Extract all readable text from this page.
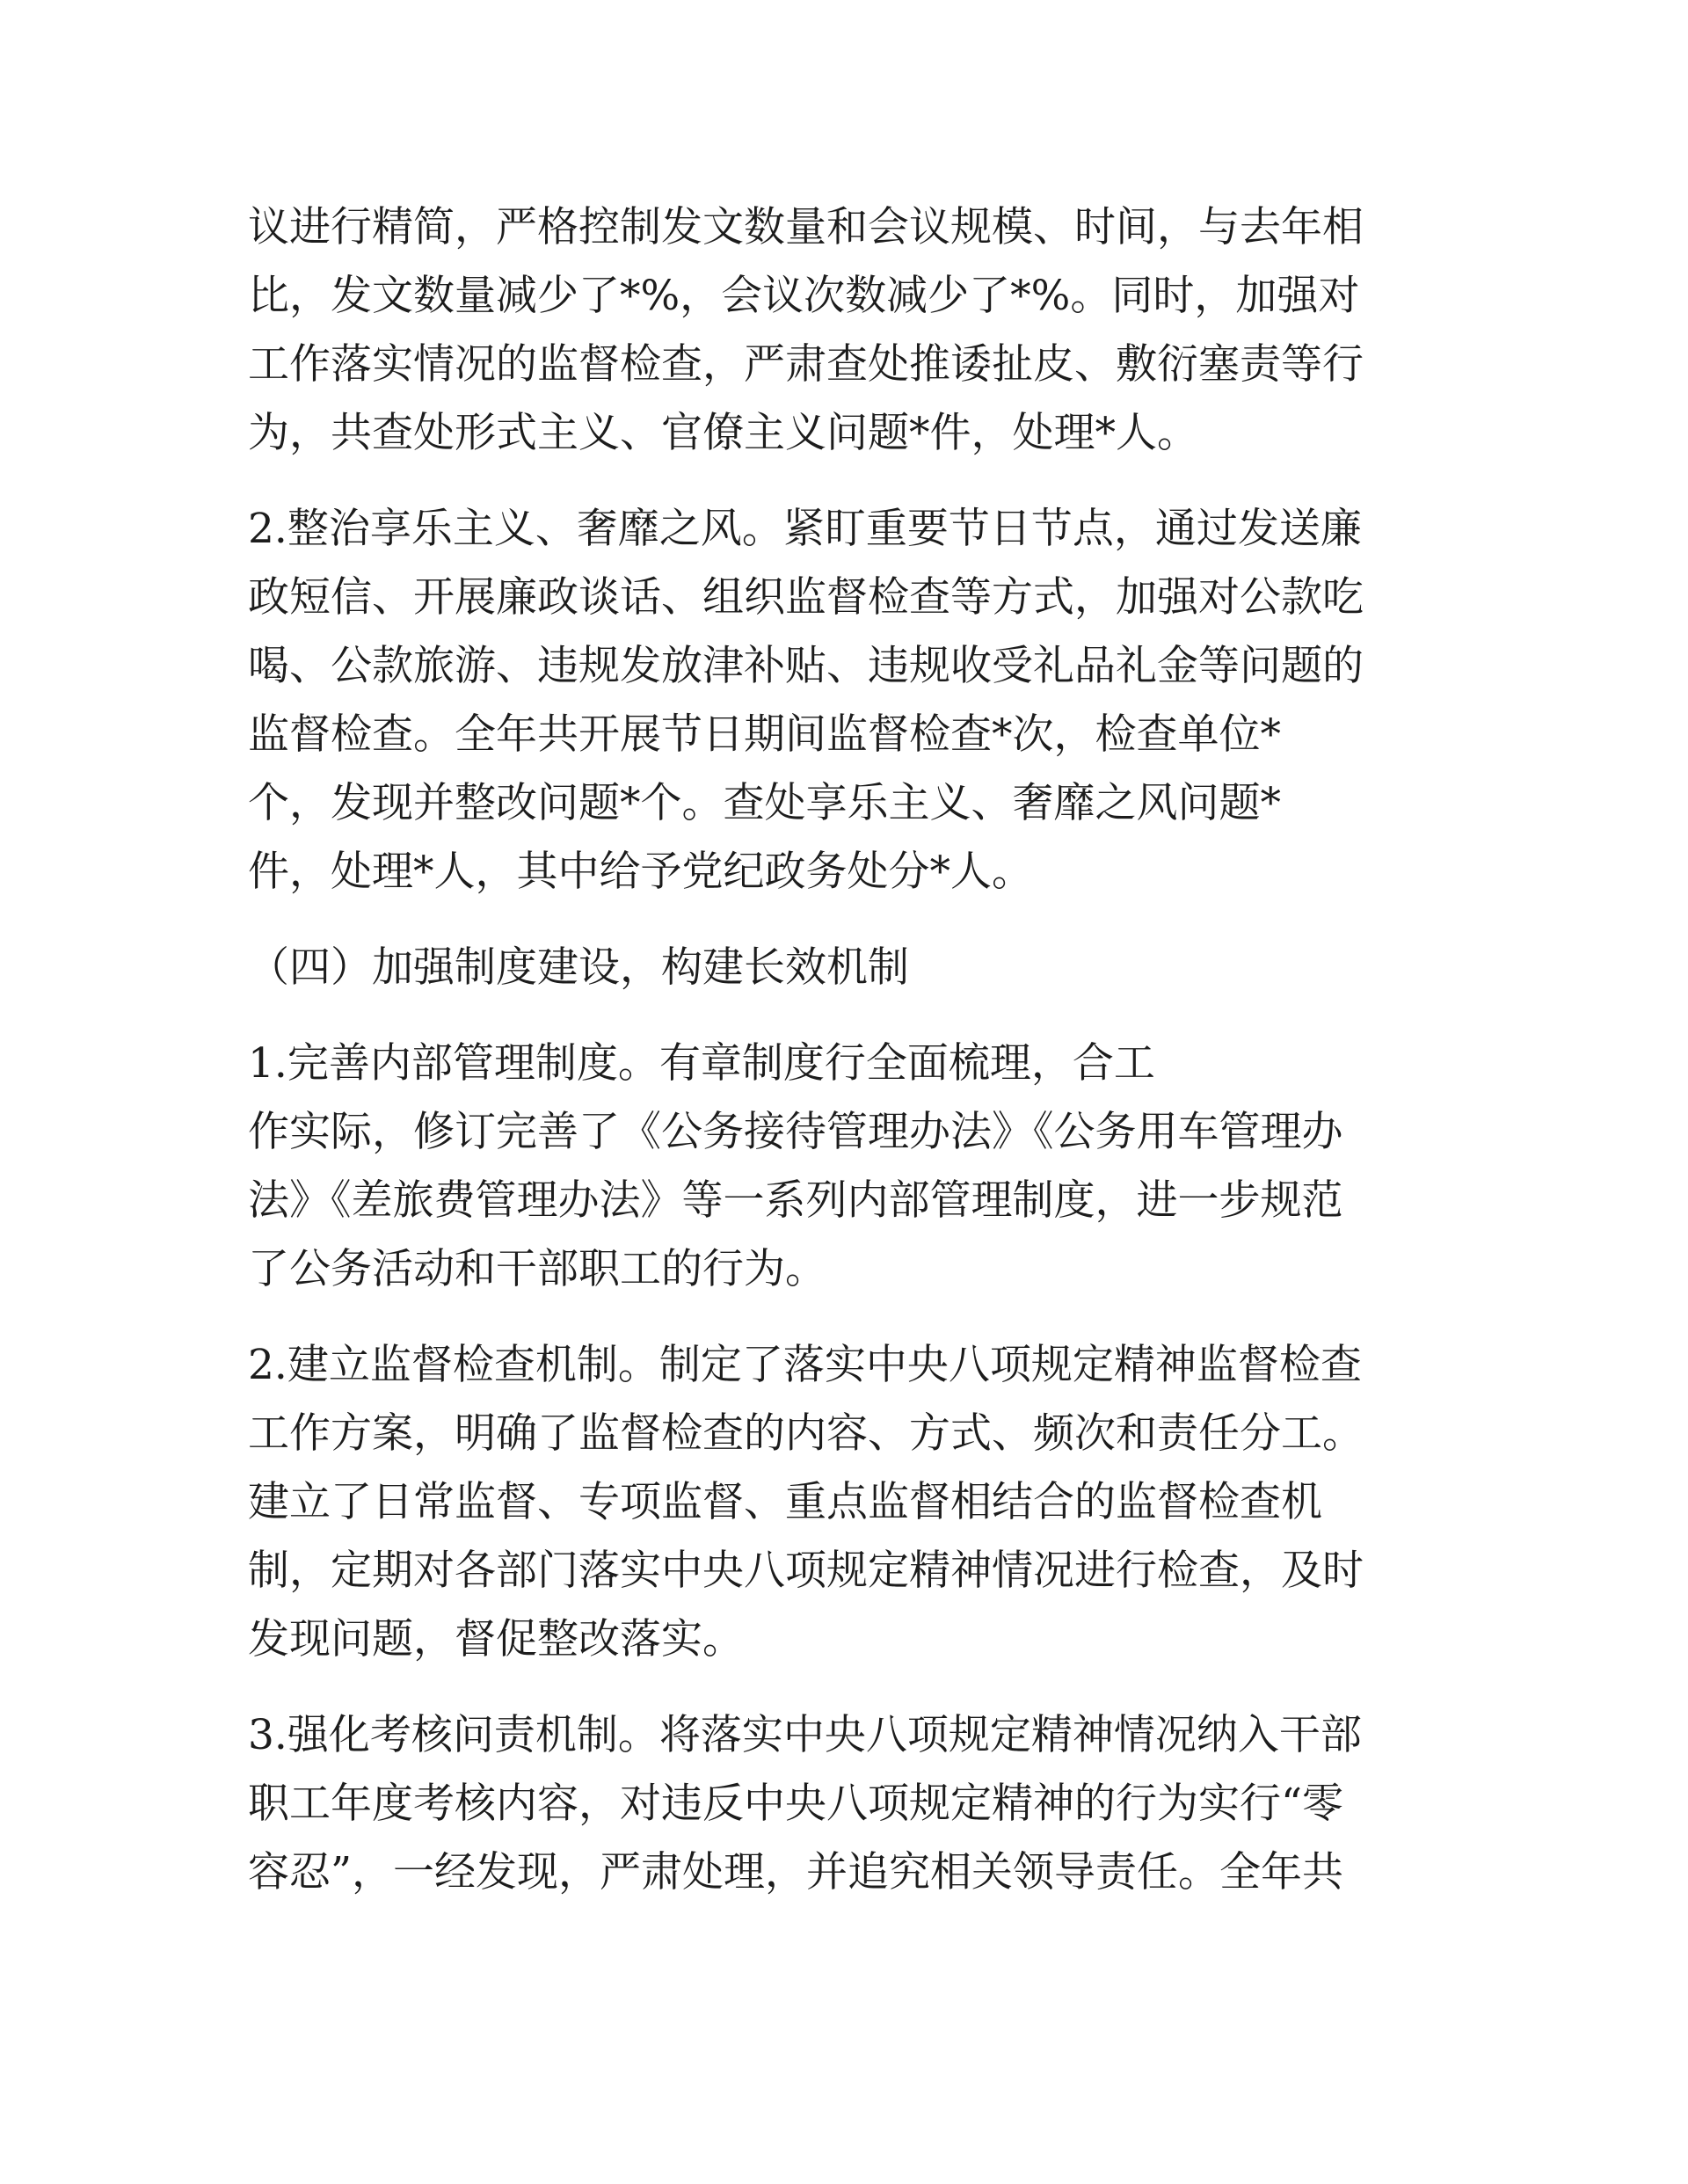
议进行精简，严格控制发文数量和会议规模、时间，与去年相
比，发文数量减少了*%，会议次数减少了*%。同时，加强对
工作落实情况的监督检查，严肃查处推诿扯皮、敷衍塞责等行
为，共查处形式主义、官僚主义问题*件，处理*人。

2.整治享乐主义、奢靡之风。紧盯重要节日节点，通过发送廉
政短信、开展廉政谈话、组织监督检查等方式，加强对公款吃
喝、公款旅游、违规发放津补贴、违规收受礼品礼金等问题的
监督检查。全年共开展节日期间监督检查*次，检查单位*
个，发现并整改问题*个。查处享乐主义、奢靡之风问题*
件，处理*人，其中给予党纪政务处分*人。

（四）加强制度建设，构建长效机制

1.完善内部管理制度。有章制度行全面梳理，合工
作实际，修订完善了《公务接待管理办法》《公务用车管理办
法》《差旅费管理办法》等一系列内部管理制度，进一步规范
了公务活动和干部职工的行为。

2.建立监督检查机制。制定了落实中央八项规定精神监督检查
工作方案，明确了监督检查的内容、方式、频次和责任分工。
建立了日常监督、专项监督、重点监督相结合的监督检查机
制，定期对各部门落实中央八项规定精神情况进行检查，及时
发现问题，督促整改落实。

3.强化考核问责机制。将落实中央八项规定精神情况纳入干部
职工年度考核内容，对违反中央八项规定精神的行为实行“零
容忍”，一经发现，严肃处理，并追究相关领导责任。全年共
